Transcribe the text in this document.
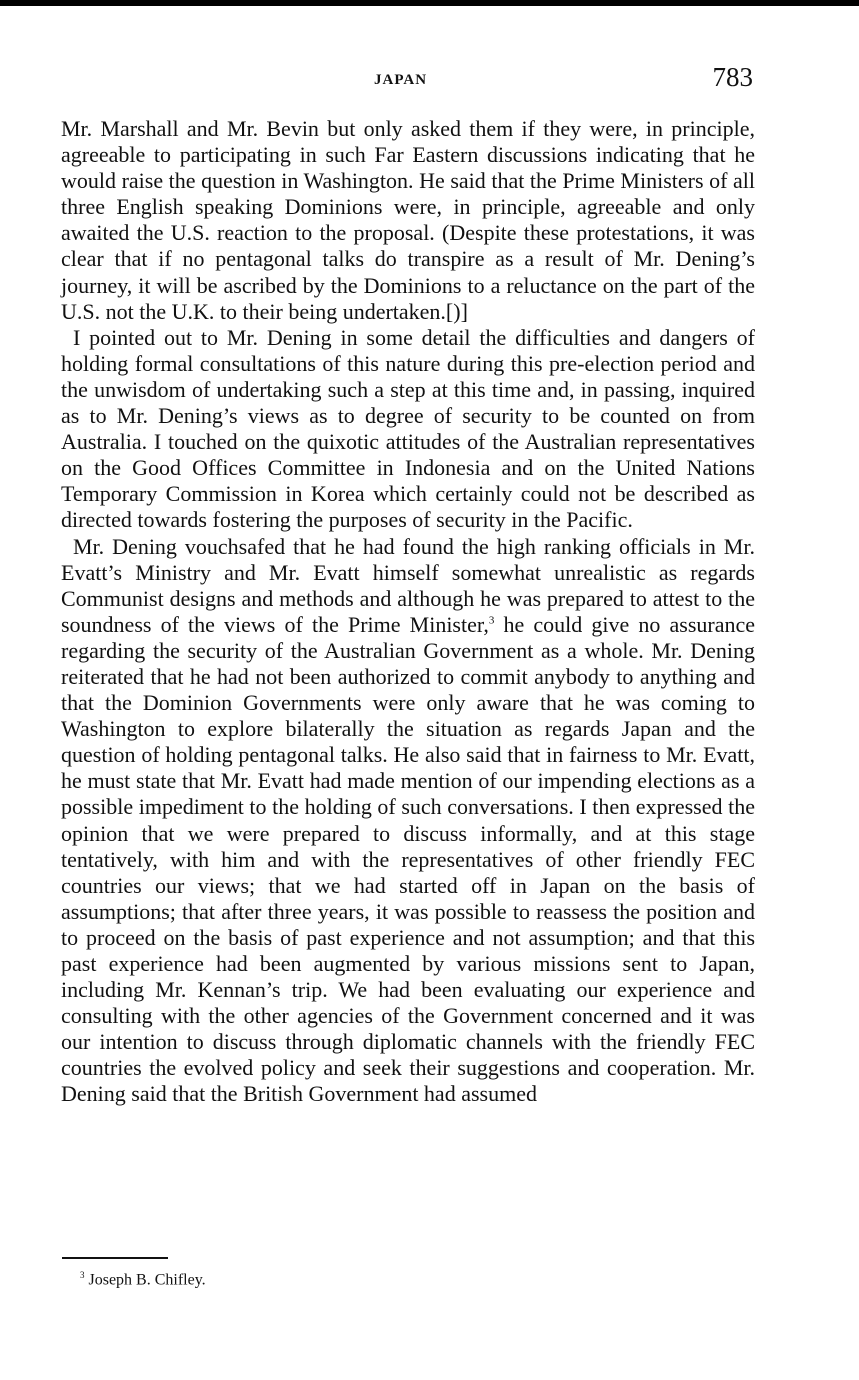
JAPAN	783

Mr. Marshall and Mr. Bevin but only asked them if they were, in principle, agreeable to participating in such Far Eastern discussions indicating that he would raise the question in Washington. He said that the Prime Ministers of all three English speaking Dominions were, in principle, agreeable and only awaited the U.S. reaction to the proposal. (Despite these protestations, it was clear that if no pentagonal talks do transpire as a result of Mr. Dening’s journey, it will be ascribed by the Dominions to a reluctance on the part of the U.S. not the U.K. to their being undertaken.[)]

I pointed out to Mr. Dening in some detail the difficulties and dangers of holding formal consultations of this nature during this pre-election period and the unwisdom of undertaking such a step at this time and, in passing, inquired as to Mr. Dening’s views as to degree of security to be counted on from Australia. I touched on the quixotic attitudes of the Australian representatives on the Good Offices Committee in Indonesia and on the United Nations Temporary Commission in Korea which certainly could not be described as directed towards fostering the purposes of security in the Pacific.

Mr. Dening vouchsafed that he had found the high ranking officials in Mr. Evatt’s Ministry and Mr. Evatt himself somewhat unrealistic as regards Communist designs and methods and although he was prepared to attest to the soundness of the views of the Prime Minister,$^3$ he could give no assurance regarding the security of the Australian Government as a whole. Mr. Dening reiterated that he had not been authorized to commit anybody to anything and that the Dominion Governments were only aware that he was coming to Washington to explore bilaterally the situation as regards Japan and the question of holding pentagonal talks. He also said that in fairness to Mr. Evatt, he must state that Mr. Evatt had made mention of our impending elections as a possible impediment to the holding of such conversations. I then expressed the opinion that we were prepared to discuss informally, and at this stage tentatively, with him and with the representatives of other friendly FEC countries our views; that we had started off in Japan on the basis of assumptions; that after three years, it was possible to reassess the position and to proceed on the basis of past experience and not assumption; and that this past experience had been augmented by various missions sent to Japan, including Mr. Kennan’s trip. We had been evaluating our experience and consulting with the other agencies of the Government concerned and it was our intention to discuss through diplomatic channels with the friendly FEC countries the evolved policy and seek their suggestions and cooperation. Mr. Dening said that the British Government had assumed

$^3$ Joseph B. Chifley.
